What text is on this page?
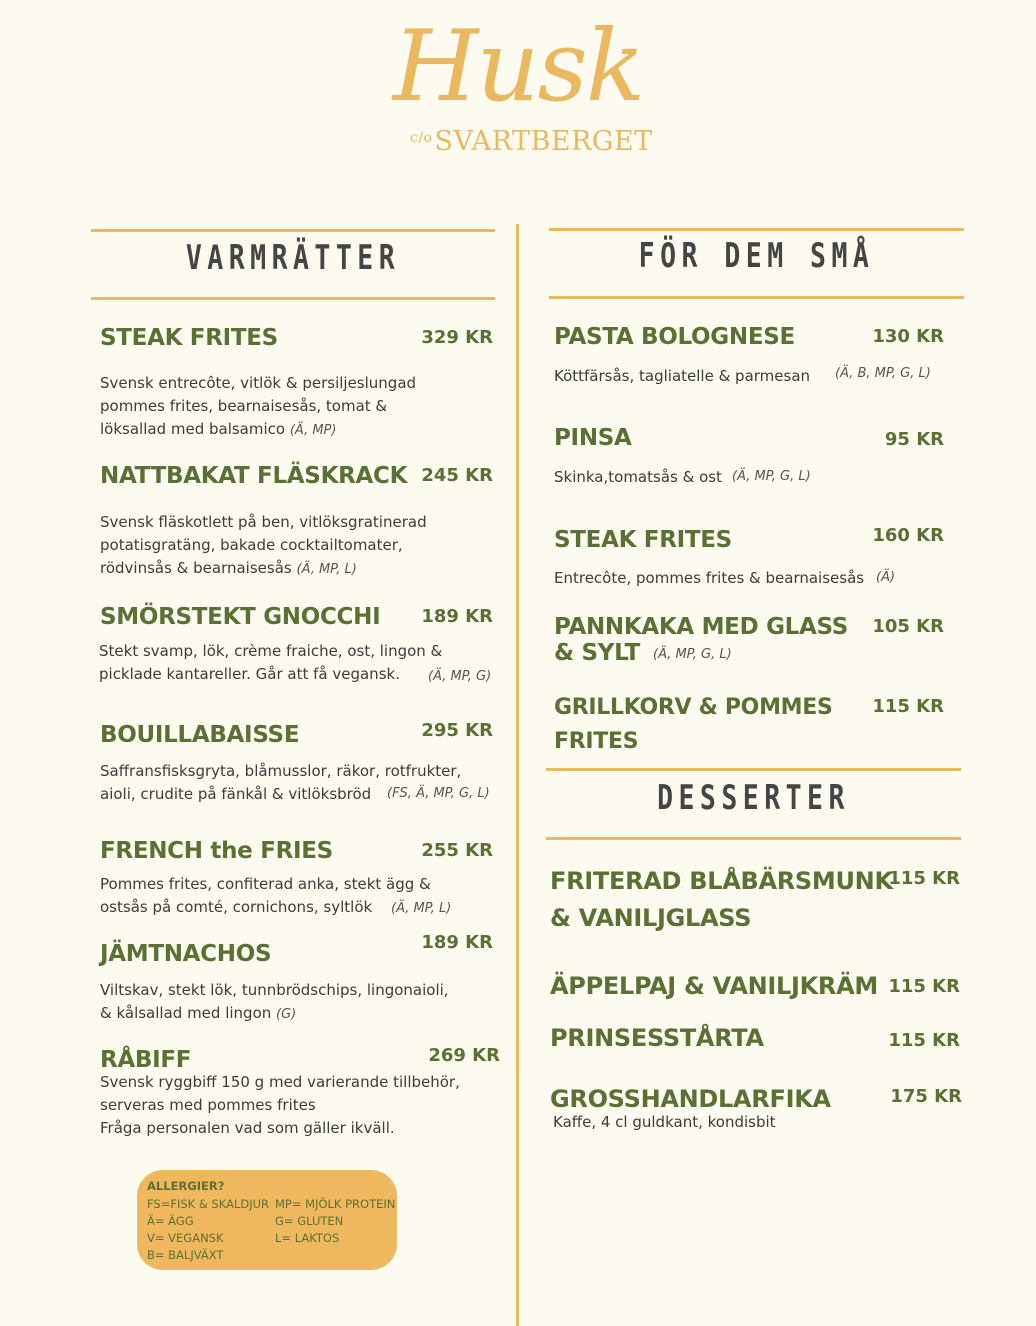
Husk
$^{c/o}$SVARTBERGET
VARMRÄTTER

STEAK FRITES	329 KR

Svensk entrecôte, vitlök & persiljeslungad
pommes frites, bearnaisesås, tomat &
löksallad med balsamico (Ä, MP)

NATTBAKAT FLÄSKRACK 245 KR

Svensk fläskotlett på ben, vitlöksgratinerad
potatisgratäng, bakade cocktailtomater,
rödvinsås & bearnaisesås (Ä, MP, L)

SMÖRSTEKT GNOCCHI	189 KR

Stekt svamp, lök, crème fraiche, ost, lingon &
picklade kantareller. Går att få vegansk.	(Ä, MP, G)

BOUILLABAISSE	295 KR

Saffransfisksgryta, blåmusslor, räkor, rotfrukter,
aioli, crudite på fänkål & vitlöksbröd	(FS, Ä, MP, G, L)

FRENCH the FRIES	255 KR

Pommes frites, confiterad anka, stekt ägg &
ostsås på comté, cornichons, syltlök	(Ä, MP, L)

JÄMTNACHOS	189 KR

Viltskav, stekt lök, tunnbrödschips, lingonaioli,
& kålsallad med lingon (G)

RÅBIFF	269 KR

Svensk ryggbiff 150 g med varierande tillbehör,
serveras med pommes frites
Fråga personalen vad som gäller ikväll.
ALLERGIER?
FS=FISK & SKALDJUR
Ä= ÄGG
V= VEGANSK
B= BALJVÄXT
MP= MJÖLK PROTEIN
G= GLUTEN
L= LAKTOS
FÖR DEM SMÅ

PASTA BOLOGNESE	130 KR

Köttfärsås, tagliatelle & parmesan (Ä, B, MP, G, L)

PINSA	95 KR

Skinka,tomatsås & ost (Ä, MP, G, L)

STEAK FRITES	160 KR

Entrecôte, pommes frites & bearnaisesås (Ä)

PANNKAKA MED GLASS	105 KR

& SYLT (Ä, MP, G, L)

GRILLKORV & POMMES	115 KR

FRITES

DESSERTER

FRITERAD BLÅBÄRSMUNK

115 KR

& VANILJGLASS

ÄPPELPAJ & VANILJKRÄM 115 KR

PRINSESSTÅRTA	115 KR

GROSSHANDLARFIKA	175 KR

Kaffe, 4 cl guldkant, kondisbit
